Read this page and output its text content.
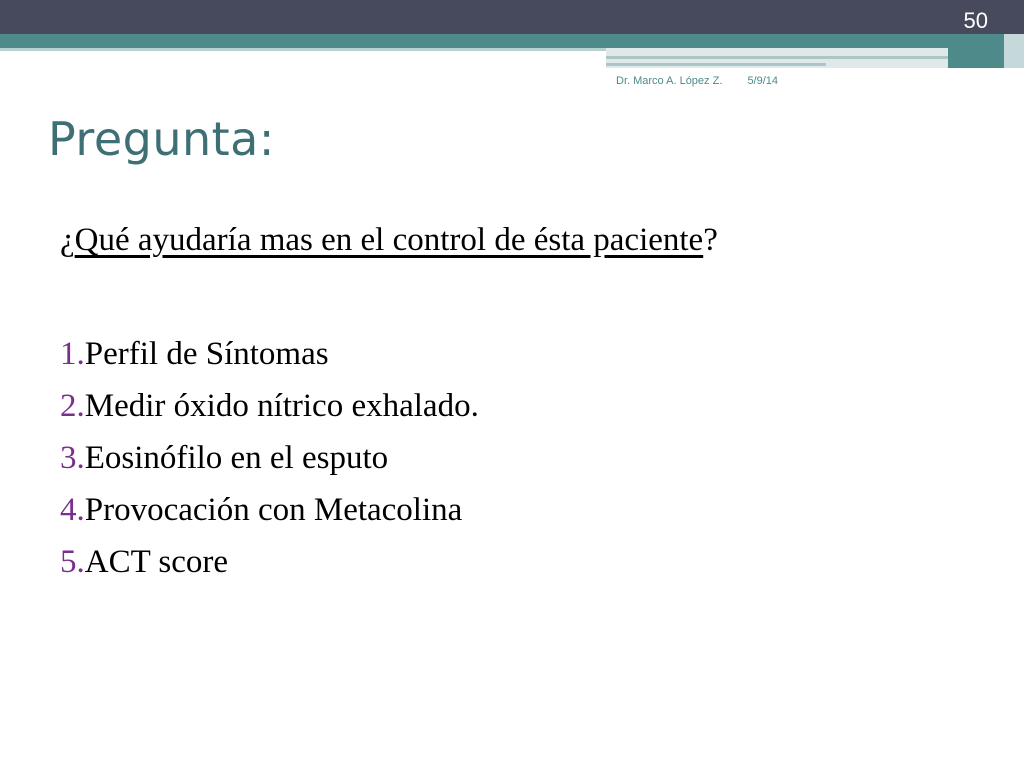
50
Dr. Marco A. López Z. 5/9/14
Pregunta:
¿Qué ayudaría mas en el control de ésta paciente?
1.Perfil de Síntomas
2.Medir óxido nítrico exhalado.
3.Eosinófilo en el esputo
4.Provocación con Metacolina
5.ACT score
